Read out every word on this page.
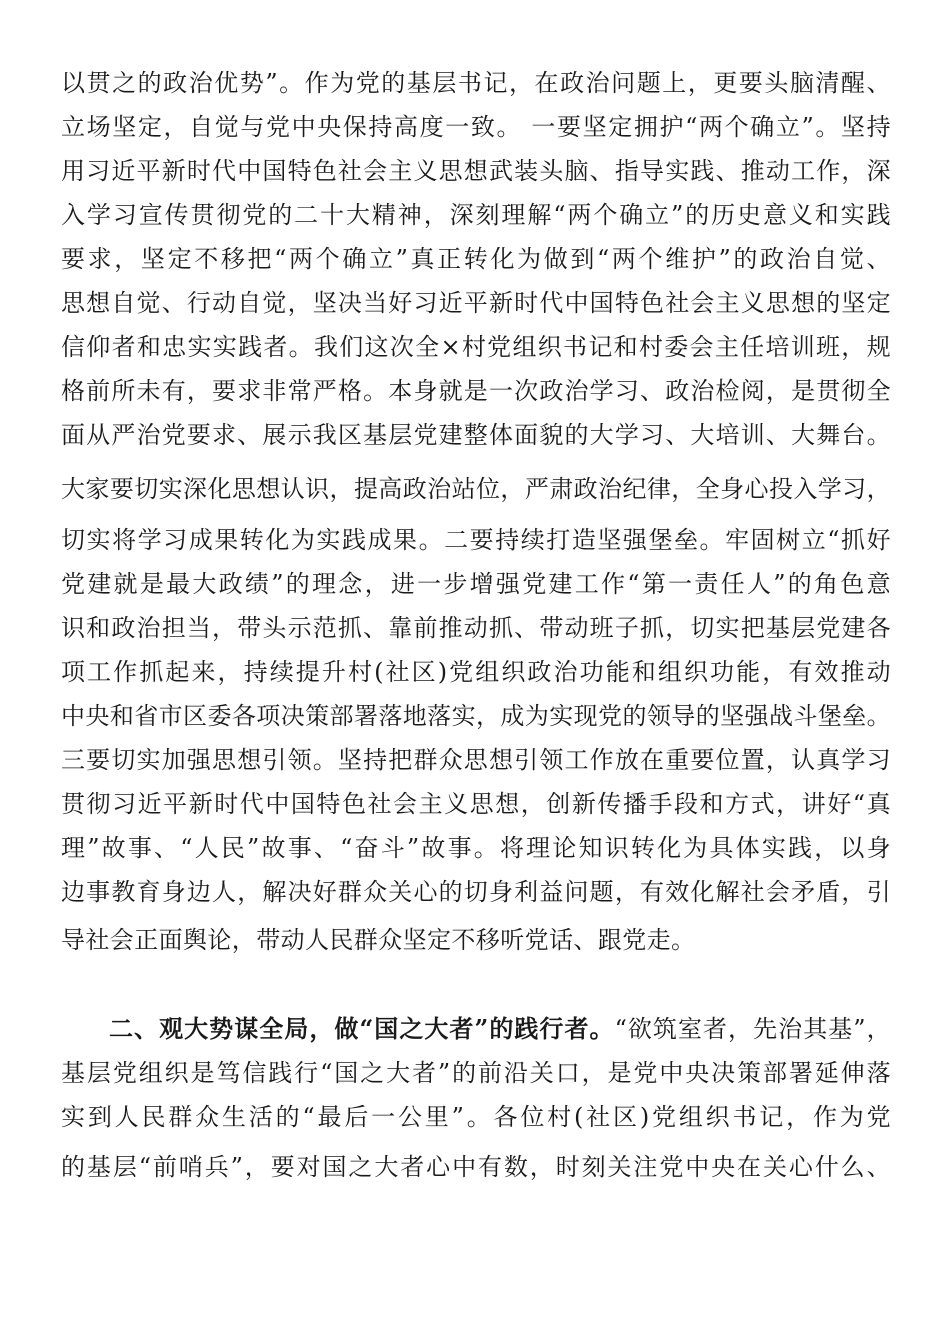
以贯之的政治优势”。作为党的基层书记，在政治问题上，更要头脑清醒、
立场坚定，自觉与党中央保持高度一致。 一要坚定拥护“两个确立”。坚持
用习近平新时代中国特色社会主义思想武装头脑、指导实践、推动工作，深
入学习宣传贯彻党的二十大精神，深刻理解“两个确立”的历史意义和实践
要求，坚定不移把“两个确立”真正转化为做到“两个维护”的政治自觉、
思想自觉、行动自觉，坚决当好习近平新时代中国特色社会主义思想的坚定
信仰者和忠实实践者。我们这次全×村党组织书记和村委会主任培训班，规
格前所未有，要求非常严格。本身就是一次政治学习、政治检阅，是贯彻全
面从严治党要求、展示我区基层党建整体面貌的大学习、大培训、大舞台。
大家要切实深化思想认识，提高政治站位，严肃政治纪律，全身心投入学习，
切实将学习成果转化为实践成果。二要持续打造坚强堡垒。牢固树立“抓好
党建就是最大政绩”的理念，进一步增强党建工作“第一责任人”的角色意
识和政治担当，带头示范抓、靠前推动抓、带动班子抓，切实把基层党建各
项工作抓起来，持续提升村(社区)党组织政治功能和组织功能，有效推动
中央和省市区委各项决策部署落地落实，成为实现党的领导的坚强战斗堡垒。
三要切实加强思想引领。坚持把群众思想引领工作放在重要位置，认真学习
贯彻习近平新时代中国特色社会主义思想，创新传播手段和方式，讲好“真
理”故事、“人民”故事、“奋斗”故事。将理论知识转化为具体实践，以身
边事教育身边人，解决好群众关心的切身利益问题，有效化解社会矛盾，引
导社会正面舆论，带动人民群众坚定不移听党话、跟党走。
二、观大势谋全局，做“国之大者”的践行者。“欲筑室者，先治其基”，
基层党组织是笃信践行“国之大者”的前沿关口，是党中央决策部署延伸落
实到人民群众生活的“最后一公里”。各位村(社区)党组织书记，作为党
的基层“前哨兵”，要对国之大者心中有数，时刻关注党中央在关心什么、
